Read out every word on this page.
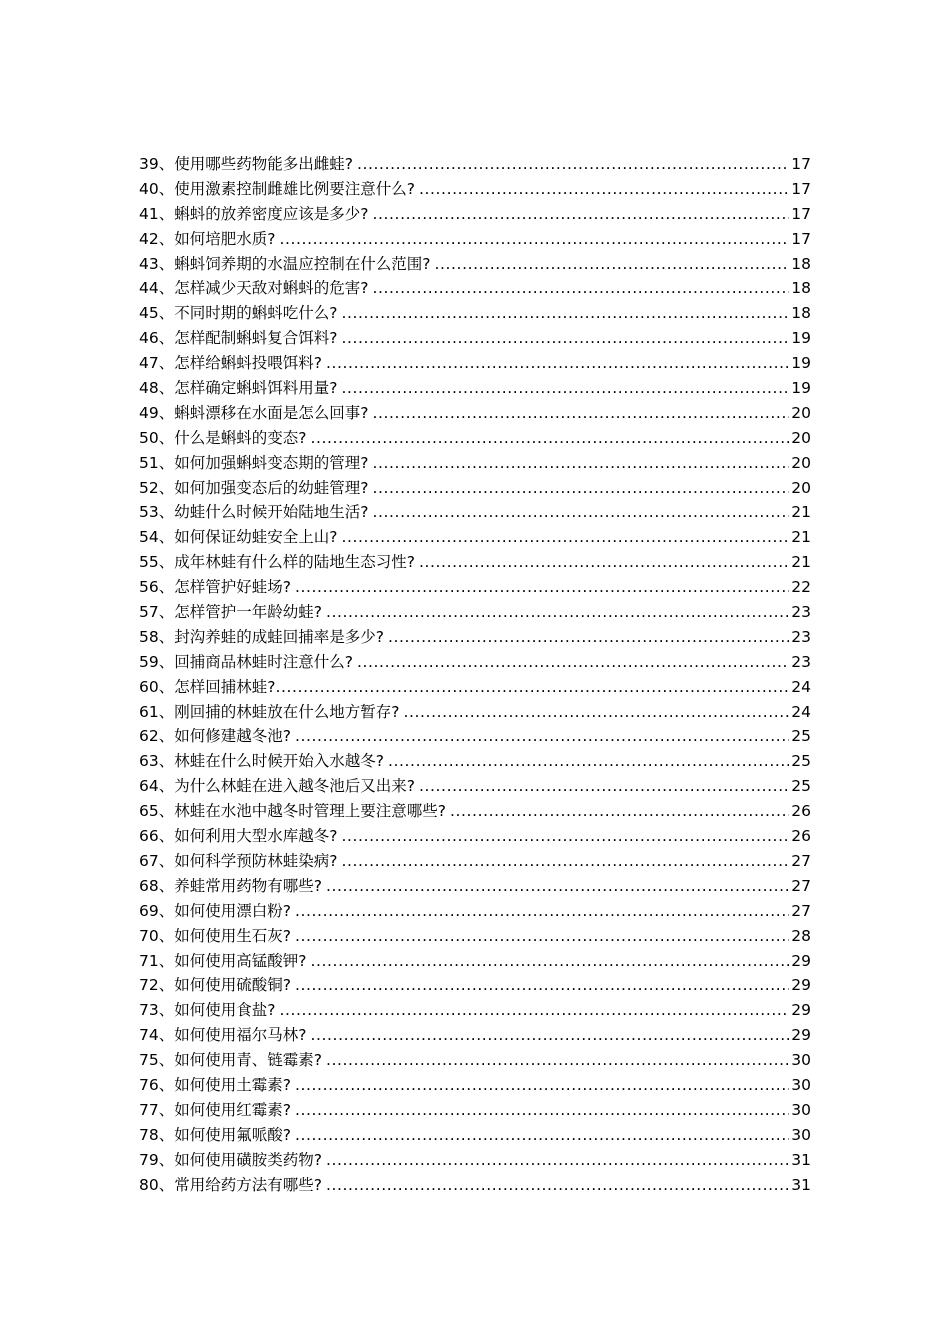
39、使用哪些药物能多出雌蛙? .....	17
40、使用激素控制雌雄比例要注意什么? .....	17
41、蝌蚪的放养密度应该是多少? .....	17
42、如何培肥水质? .....	17
43、蝌蚪饲养期的水温应控制在什么范围? .....	18
44、怎样减少天敌对蝌蚪的危害? .....	18
45、不同时期的蝌蚪吃什么? .....	18
46、怎样配制蝌蚪复合饵料? .....	19
47、怎样给蝌蚪投喂饵料? .....	19
48、怎样确定蝌蚪饵料用量? .....	19
49、蝌蚪漂移在水面是怎么回事? .....	20
50、什么是蝌蚪的变态? .....	20
51、如何加强蝌蚪变态期的管理? .....	20
52、如何加强变态后的幼蛙管理? .....	20
53、幼蛙什么时候开始陆地生活? .....	21
54、如何保证幼蛙安全上山? .....	21
55、成年林蛙有什么样的陆地生态习性? .....	21
56、怎样管护好蛙场? .....	22
57、怎样管护一年龄幼蛙? .....	23
58、封沟养蛙的成蛙回捕率是多少? .....	23
59、回捕商品林蛙时注意什么? .....	23
60、怎样回捕林蛙? .....	24
61、刚回捕的林蛙放在什么地方暂存? .....	24
62、如何修建越冬池? .....	25
63、林蛙在什么时候开始入水越冬? .....	25
64、为什么林蛙在进入越冬池后又出来? .....	25
65、林蛙在水池中越冬时管理上要注意哪些? .....	26
66、如何利用大型水库越冬? .....	26
67、如何科学预防林蛙染病? .....	27
68、养蛙常用药物有哪些? .....	27
69、如何使用漂白粉? .....	27
70、如何使用生石灰? .....	28
71、如何使用高锰酸钾? .....	29
72、如何使用硫酸铜? .....	29
73、如何使用食盐? .....	29
74、如何使用福尔马林? .....	29
75、如何使用青、链霉素? .....	30
76、如何使用土霉素? .....	30
77、如何使用红霉素? .....	30
78、如何使用氟哌酸? .....	30
79、如何使用磺胺类药物? .....	31
80、常用给药方法有哪些? .....	31
